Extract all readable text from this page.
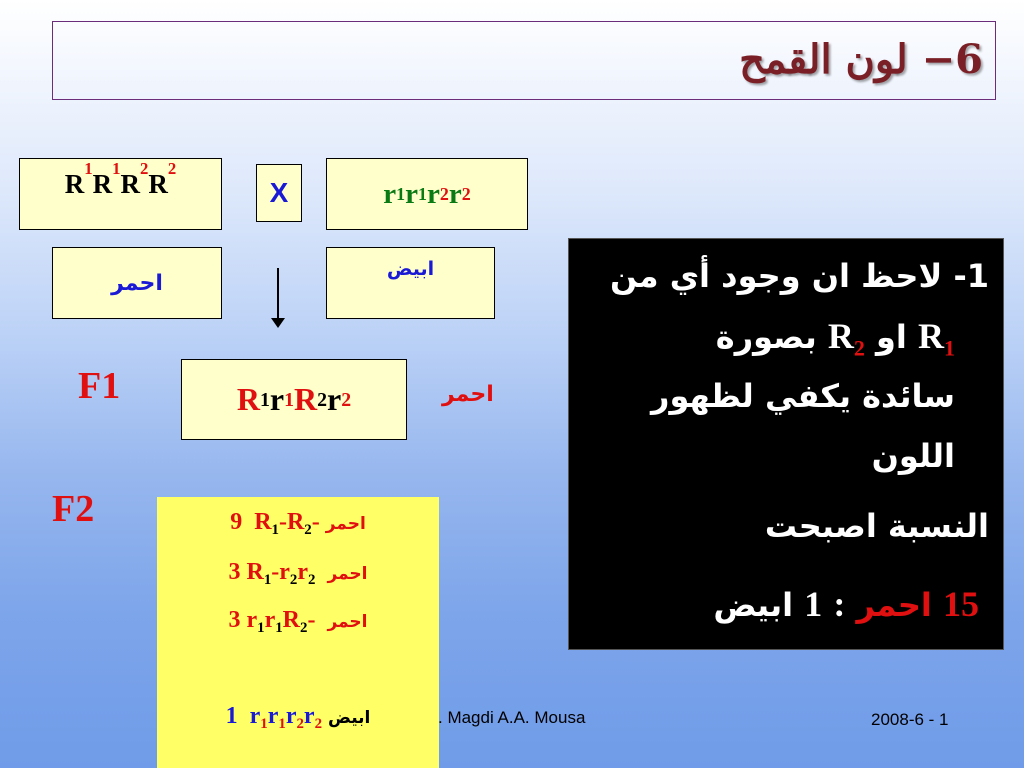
6− لون القمح
R
1
R
1
R
2
R
2
X	r 1 r 1 r 2 r 2
احمر
ابيض
F1	R 1 r 1 R 2 r 2	احمر
F2	9 $R_1-R_2-$ احمر
3 $R_1-r_2r_2$ احمر
3 $r_1r_1R_2-$ احمر
1 $r_1r_1r_2r_2$ ابيض
1- لاحظ ان وجود أي من
$R_1$ او $R_2$ بصورة
سائدة يكفي لظهور
اللون
النسبة اصبحت
15 احمر : 1 ابيض
. Magdi A.A. Mousa	2008-6 - 1
